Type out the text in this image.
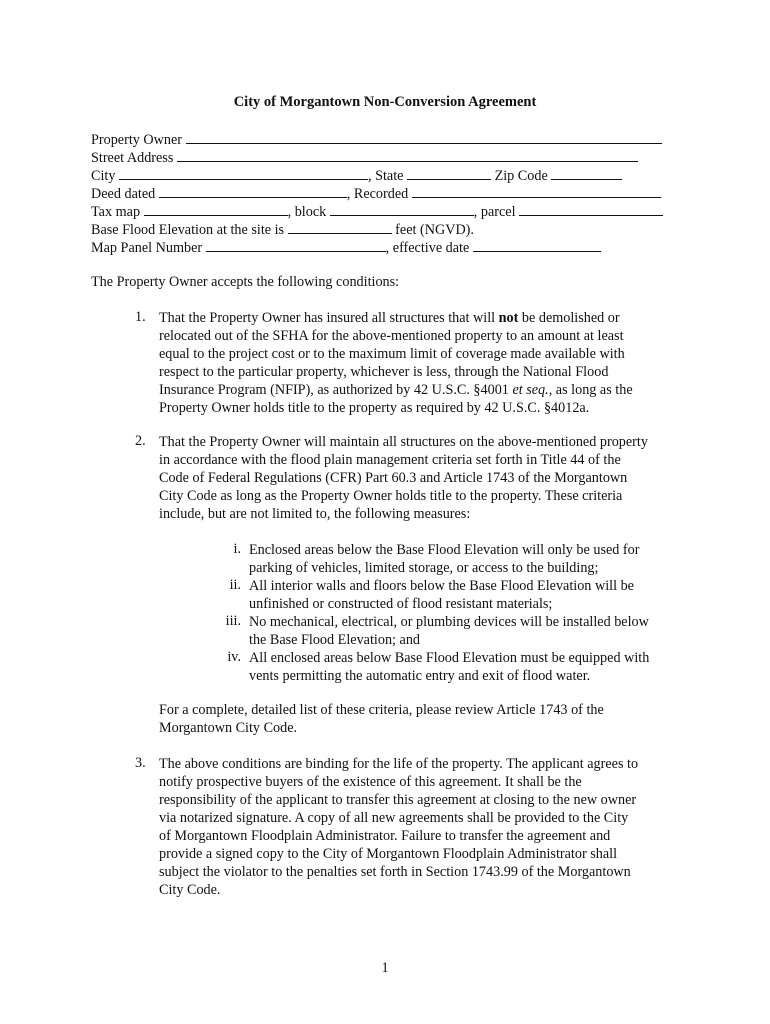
City of Morgantown Non-Conversion Agreement
Property Owner
Street Address
City	, State	Zip Code
Deed dated	, Recorded
Tax map	, block	, parcel
Base Flood Elevation at the site is	feet (NGVD).
Map Panel Number	, effective date
The Property Owner accepts the following conditions:
1. That the Property Owner has insured all structures that will not be demolished or
relocated out of the SFHA for the above-mentioned property to an amount at least
equal to the project cost or to the maximum limit of coverage made available with
respect to the particular property, whichever is less, through the National Flood
Insurance Program (NFIP), as authorized by 42 U.S.C. §4001 et seq., as long as the
Property Owner holds title to the property as required by 42 U.S.C. §4012a.
2. That the Property Owner will maintain all structures on the above-mentioned property
in accordance with the flood plain management criteria set forth in Title 44 of the
Code of Federal Regulations (CFR) Part 60.3 and Article 1743 of the Morgantown
City Code as long as the Property Owner holds title to the property. These criteria
include, but are not limited to, the following measures:
i. Enclosed areas below the Base Flood Elevation will only be used for
parking of vehicles, limited storage, or access to the building;
ii. All interior walls and floors below the Base Flood Elevation will be
unfinished or constructed of flood resistant materials;
iii. No mechanical, electrical, or plumbing devices will be installed below
the Base Flood Elevation; and
iv. All enclosed areas below Base Flood Elevation must be equipped with
vents permitting the automatic entry and exit of flood water.
For a complete, detailed list of these criteria, please review Article 1743 of the
Morgantown City Code.
3. The above conditions are binding for the life of the property. The applicant agrees to
notify prospective buyers of the existence of this agreement. It shall be the
responsibility of the applicant to transfer this agreement at closing to the new owner
via notarized signature. A copy of all new agreements shall be provided to the City
of Morgantown Floodplain Administrator. Failure to transfer the agreement and
provide a signed copy to the City of Morgantown Floodplain Administrator shall
subject the violator to the penalties set forth in Section 1743.99 of the Morgantown
City Code.
1
